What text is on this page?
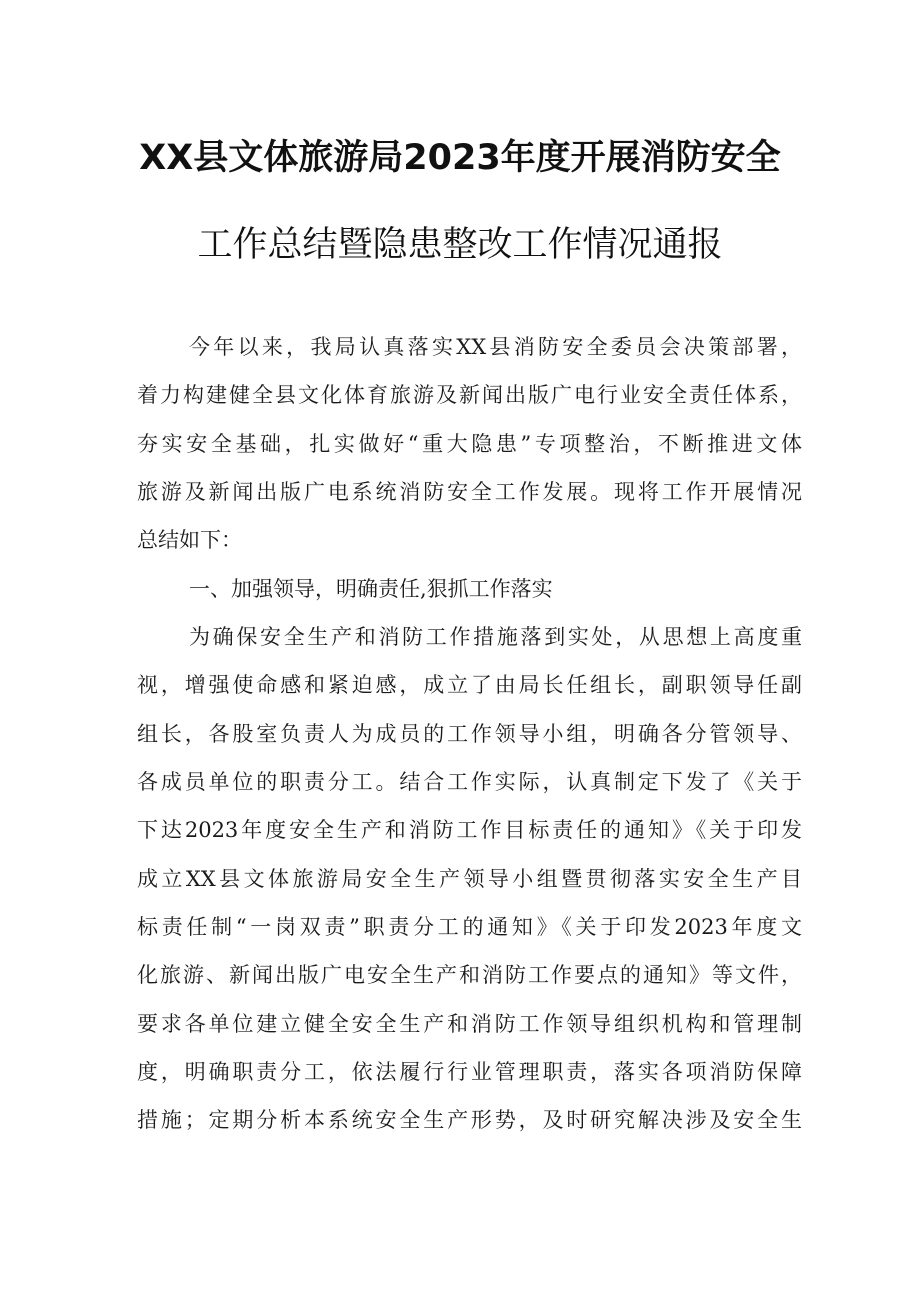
XX县文体旅游局2023年度开展消防安全
工作总结暨隐患整改工作情况通报
今年以来，我局认真落实XX县消防安全委员会决策部署，
着力构建健全县文化体育旅游及新闻出版广电行业安全责任体系，
夯实安全基础，扎实做好“重大隐患”专项整治，不断推进文体
旅游及新闻出版广电系统消防安全工作发展。现将工作开展情况
总结如下：
一、加强领导，明确责任,狠抓工作落实
为确保安全生产和消防工作措施落到实处，从思想上高度重
视，增强使命感和紧迫感，成立了由局长任组长，副职领导任副
组长，各股室负责人为成员的工作领导小组，明确各分管领导、
各成员单位的职责分工。结合工作实际，认真制定下发了《关于
下达2023年度安全生产和消防工作目标责任的通知》《关于印发
成立XX县文体旅游局安全生产领导小组暨贯彻落实安全生产目
标责任制“一岗双责”职责分工的通知》《关于印发2023年度文
化旅游、新闻出版广电安全生产和消防工作要点的通知》等文件，
要求各单位建立健全安全生产和消防工作领导组织机构和管理制
度，明确职责分工，依法履行行业管理职责，落实各项消防保障
措施；定期分析本系统安全生产形势，及时研究解决涉及安全生
